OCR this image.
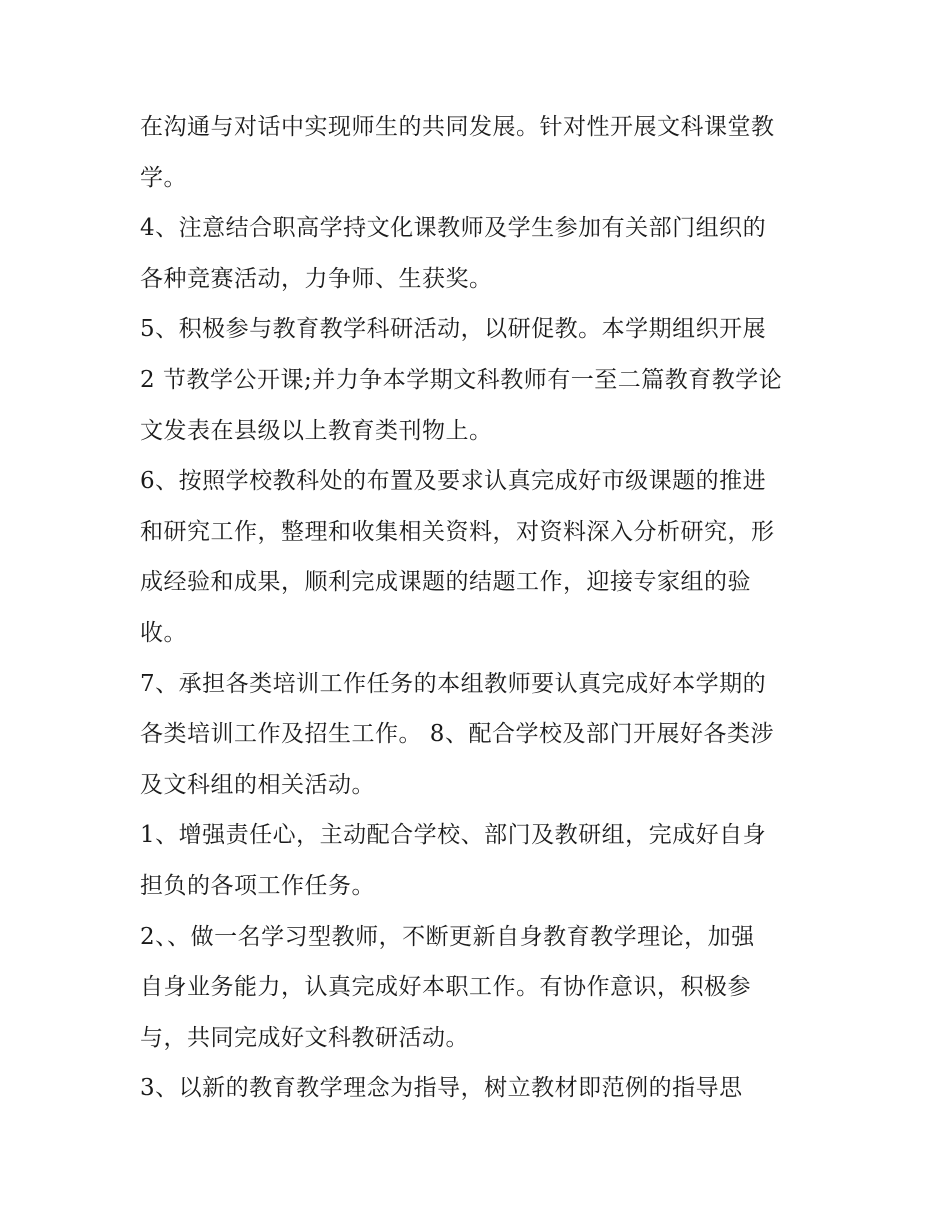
在沟通与对话中实现师生的共同发展。针对性开展文科课堂教
学。
4、注意结合职高学持文化课教师及学生参加有关部门组织的
各种竞赛活动，力争师、生获奖。
5、积极参与教育教学科研活动，以研促教。本学期组织开展
2 节教学公开课;并力争本学期文科教师有一至二篇教育教学论
文发表在县级以上教育类刊物上。
6、按照学校教科处的布置及要求认真完成好市级课题的推进
和研究工作，整理和收集相关资料，对资料深入分析研究，形
成经验和成果，顺利完成课题的结题工作，迎接专家组的验
收。
7、承担各类培训工作任务的本组教师要认真完成好本学期的
各类培训工作及招生工作。 8、配合学校及部门开展好各类涉
及文科组的相关活动。
1、增强责任心，主动配合学校、部门及教研组，完成好自身
担负的各项工作任务。
2、、做一名学习型教师，不断更新自身教育教学理论，加强
自身业务能力，认真完成好本职工作。有协作意识，积极参
与，共同完成好文科教研活动。
3、以新的教育教学理念为指导，树立教材即范例的指导思
